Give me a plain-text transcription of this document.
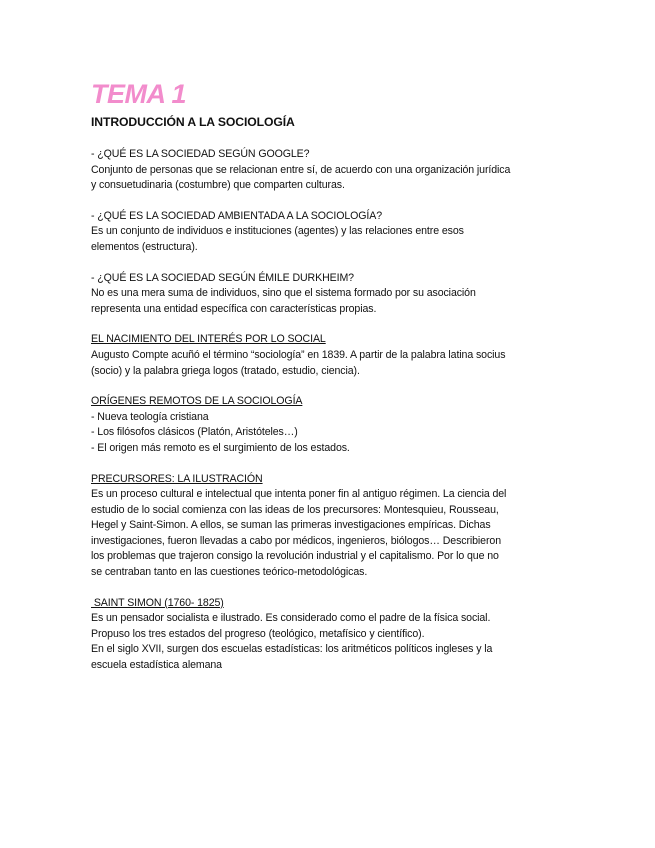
TEMA 1
INTRODUCCIÓN A LA SOCIOLOGÍA
- ¿QUÉ ES LA SOCIEDAD SEGÚN GOOGLE?
Conjunto de personas que se relacionan entre sí, de acuerdo con una organización jurídica
y consuetudinaria (costumbre) que comparten culturas.
- ¿QUÉ ES LA SOCIEDAD AMBIENTADA A LA SOCIOLOGÍA?
Es un conjunto de individuos e instituciones (agentes) y las relaciones entre esos
elementos (estructura).
- ¿QUÉ ES LA SOCIEDAD SEGÚN ÉMILE DURKHEIM?
No es una mera suma de individuos, sino que el sistema formado por su asociación
representa una entidad específica con características propias.
EL NACIMIENTO DEL INTERÉS POR LO SOCIAL
Augusto Compte acuñó el término “sociología” en 1839. A partir de la palabra latina socius
(socio) y la palabra griega logos (tratado, estudio, ciencia).
ORÍGENES REMOTOS DE LA SOCIOLOGÍA
- Nueva teología cristiana
- Los filósofos clásicos (Platón, Aristóteles…)
- El origen más remoto es el surgimiento de los estados.
PRECURSORES: LA ILUSTRACIÓN
Es un proceso cultural e intelectual que intenta poner fin al antiguo régimen. La ciencia del
estudio de lo social comienza con las ideas de los precursores: Montesquieu, Rousseau,
Hegel y Saint-Simon. A ellos, se suman las primeras investigaciones empíricas. Dichas
investigaciones, fueron llevadas a cabo por médicos, ingenieros, biólogos… Describieron
los problemas que trajeron consigo la revolución industrial y el capitalismo. Por lo que no
se centraban tanto en las cuestiones teórico-metodológicas.
SAINT SIMON (1760- 1825)
Es un pensador socialista e ilustrado. Es considerado como el padre de la física social.
Propuso los tres estados del progreso (teológico, metafísico y científico).
En el siglo XVII, surgen dos escuelas estadísticas: los aritméticos políticos ingleses y la
escuela estadística alemana
